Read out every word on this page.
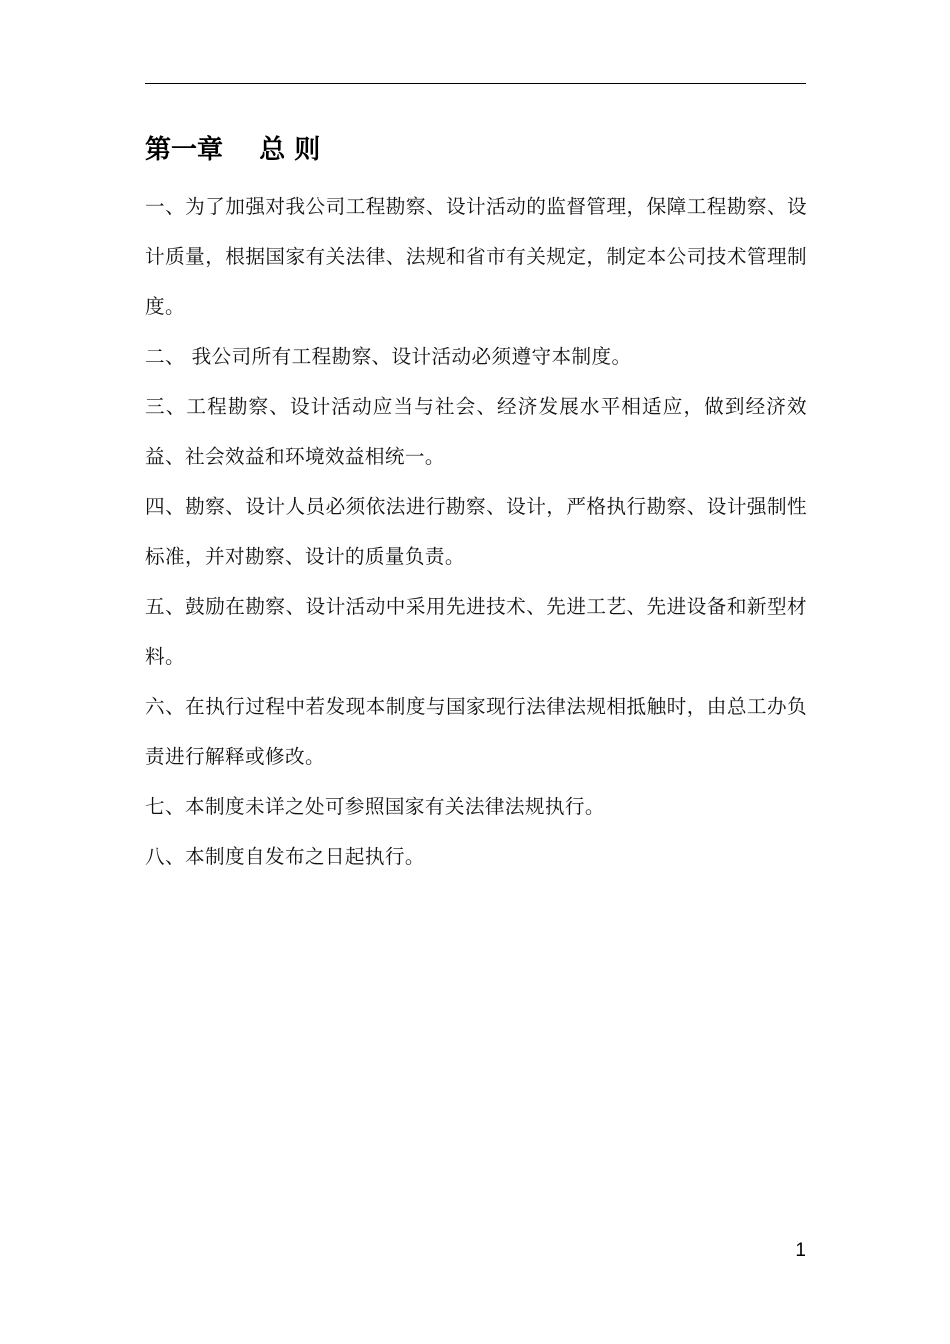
第一章    总 则

一、为了加强对我公司工程勘察、设计活动的监督管理，保障工程勘察、设计质量，根据国家有关法律、法规和省市有关规定，制定本公司技术管理制度。

二、 我公司所有工程勘察、设计活动必须遵守本制度。

三、工程勘察、设计活动应当与社会、经济发展水平相适应，做到经济效益、社会效益和环境效益相统一。

四、勘察、设计人员必须依法进行勘察、设计，严格执行勘察、设计强制性标准，并对勘察、设计的质量负责。

五、鼓励在勘察、设计活动中采用先进技术、先进工艺、先进设备和新型材料。

六、在执行过程中若发现本制度与国家现行法律法规相抵触时，由总工办负责进行解释或修改。

七、本制度未详之处可参照国家有关法律法规执行。

八、本制度自发布之日起执行。

1
